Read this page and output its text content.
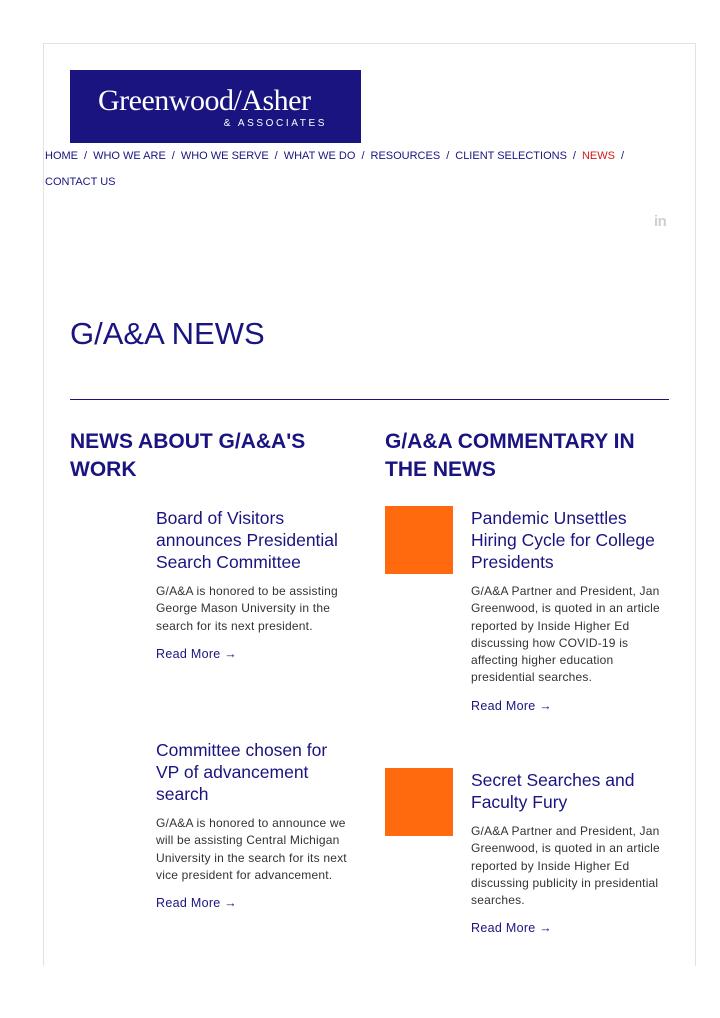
Greenwood/Asher
& ASSOCIATES
HOME / WHO WE ARE / WHO WE SERVE / WHAT WE DO / RESOURCES / CLIENT SELECTIONS / NEWS /
CONTACT US
in
G/A&A NEWS
NEWS ABOUT G/A&A'S WORK
G/A&A COMMENTARY IN THE NEWS
Board of Visitors announces Presidential Search Committee

G/A&A is honored to be assisting George Mason University in the search for its next president.

Read More →
Committee chosen for VP of advancement search

G/A&A is honored to announce we will be assisting Central Michigan University in the search for its next vice president for advancement.

Read More →
Pandemic Unsettles Hiring Cycle for College Presidents

G/A&A Partner and President, Jan Greenwood, is quoted in an article reported by Inside Higher Ed discussing how COVID-19 is affecting higher education presidential searches.

Read More →
Secret Searches and Faculty Fury

G/A&A Partner and President, Jan Greenwood, is quoted in an article reported by Inside Higher Ed discussing publicity in presidential searches.

Read More →
